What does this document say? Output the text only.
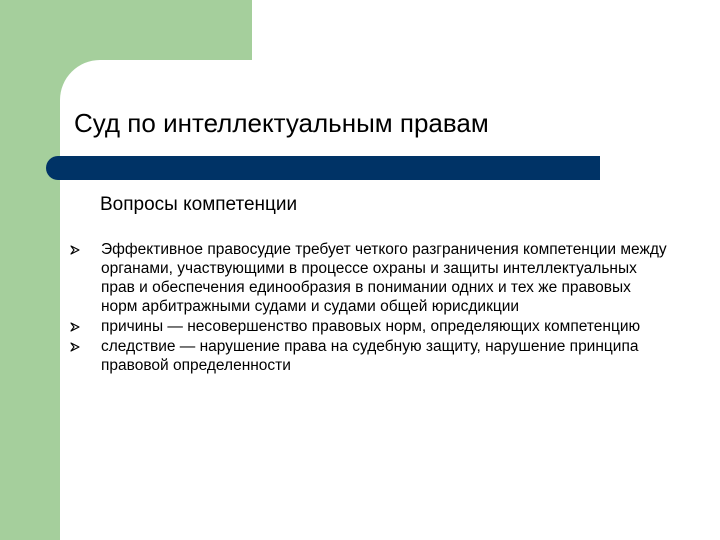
Суд по интеллектуальным правам
Вопросы компетенции
Эффективное правосудие требует четкого разграничения компетенции между органами, участвующими в процессе охраны и защиты интеллектуальных прав и обеспечения единообразия в понимании одних и тех же правовых норм арбитражными судами и судами общей юрисдикции
причины — несовершенство правовых норм, определяющих компетенцию
следствие — нарушение права на судебную защиту, нарушение принципа правовой определенности
